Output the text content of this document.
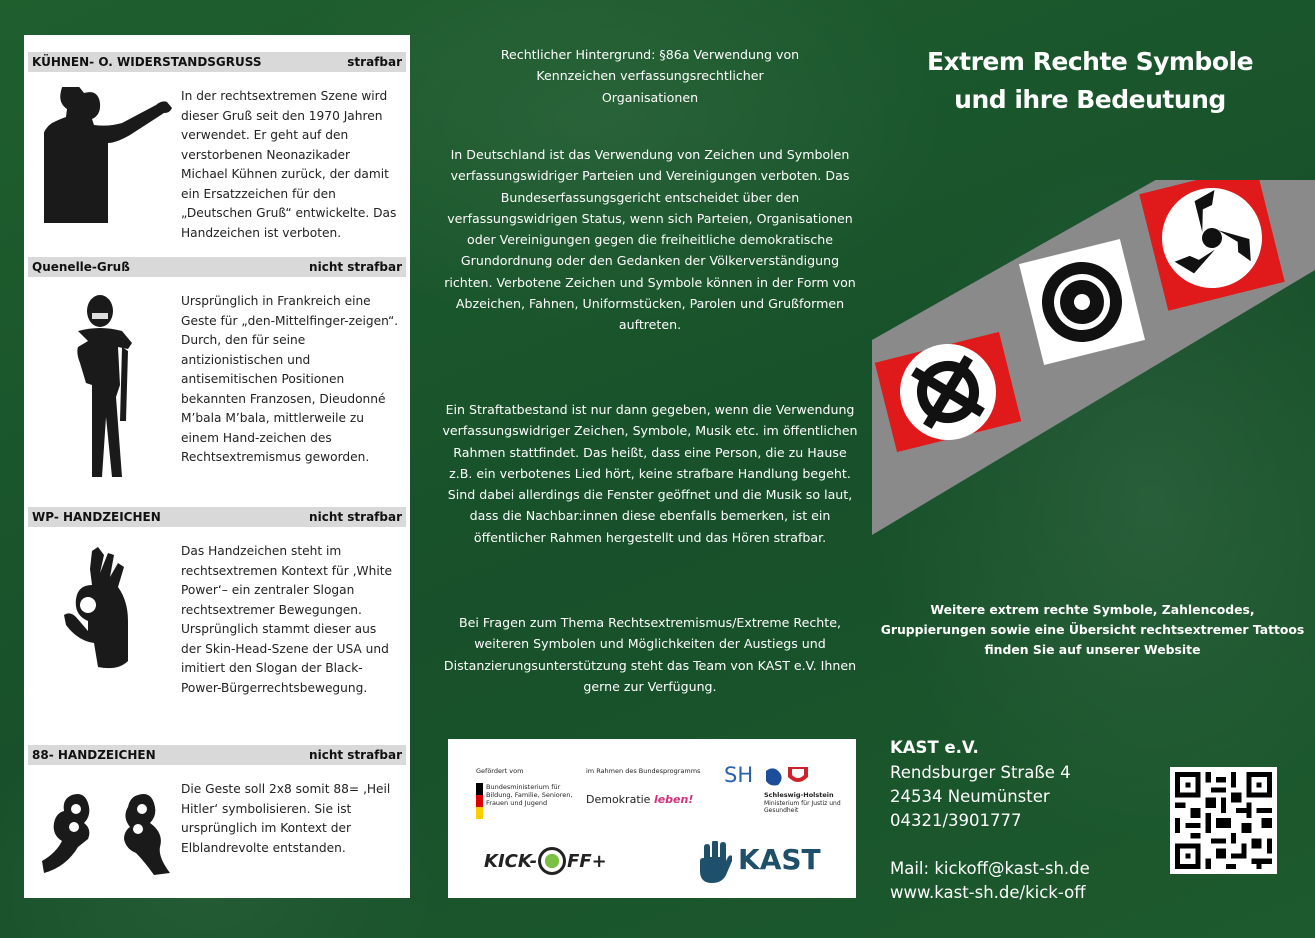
KÜHNEN- O. WIDERSTANDSGRUSS	strafbar
In der rechtsextremen Szene wird dieser Gruß seit den 1970 Jahren verwendet. Er geht auf den verstorbenen Neonazikader Michael Kühnen zurück, der damit ein Ersatzzeichen für den „Deutschen Gruß“ entwickelte. Das Handzeichen ist verboten.
Quenelle-Gruß	nicht strafbar
Ursprünglich in Frankreich eine Geste für „den-Mittelfinger-zeigen“. Durch, den für seine antizionistischen und antisemitischen Positionen bekannten Franzosen, Dieudonné M’bala M’bala, mittlerweile zu einem Hand-zeichen des Rechtsextremismus geworden.
WP- HANDZEICHEN	nicht strafbar
Das Handzeichen steht im rechtsextremen Kontext für ‚White Power‘– ein zentraler Slogan rechtsextremer Bewegungen. Ursprünglich stammt dieser aus der Skin-Head-Szene der USA und imitiert den Slogan der Black-Power-Bürgerrechtsbewegung.
88- HANDZEICHEN	nicht strafbar
Die Geste soll 2x8 somit 88= ‚Heil Hitler‘ symbolisieren. Sie ist ursprünglich im Kontext der Elblandrevolte entstanden.
Rechtlicher Hintergrund: §86a Verwendung von Kennzeichen verfassungsrechtlicher Organisationen
In Deutschland ist das Verwendung von Zeichen und Symbolen verfassungswidriger Parteien und Vereinigungen verboten. Das Bundeserfassungsgericht entscheidet über den verfassungswidrigen Status, wenn sich Parteien, Organisationen oder Vereinigungen gegen die freiheitliche demokratische Grundordnung oder den Gedanken der Völkerverständigung richten. Verbotene Zeichen und Symbole können in der Form von Abzeichen, Fahnen, Uniformstücken, Parolen und Grußformen auftreten.
Ein Straftatbestand ist nur dann gegeben, wenn die Verwendung verfassungswidriger Zeichen, Symbole, Musik etc. im öffentlichen Rahmen stattfindet. Das heißt, dass eine Person, die zu Hause z.B. ein verbotenes Lied hört, keine strafbare Handlung begeht. Sind dabei allerdings die Fenster geöffnet und die Musik so laut, dass die Nachbar:innen diese ebenfalls bemerken, ist ein öffentlicher Rahmen hergestellt und das Hören strafbar.
Bei Fragen zum Thema Rechtsextremismus/Extreme Rechte, weiteren Symbolen und Möglichkeiten der Austiegs und Distanzierungsunterstützung steht das Team von KAST e.V. Ihnen gerne zur Verfügung.
Gefördert vom
Bundesministerium für Bildung, Familie, Senioren, Frauen und Jugend
im Rahmen des Bundesprogramms
Demokratie leben!
SH
Schleswig-Holstein
Ministerium für Justiz und Gesundheit
KICK- FF+	KAST
Extrem Rechte Symbole
und ihre Bedeutung
Weitere extrem rechte Symbole, Zahlencodes, Gruppierungen sowie eine Übersicht rechtsextremer Tattoos finden Sie auf unserer Website
KAST e.V.
Rendsburger Straße 4
24534 Neumünster
04321/3901777
Mail: kickoff@kast-sh.de
www.kast-sh.de/kick-off
